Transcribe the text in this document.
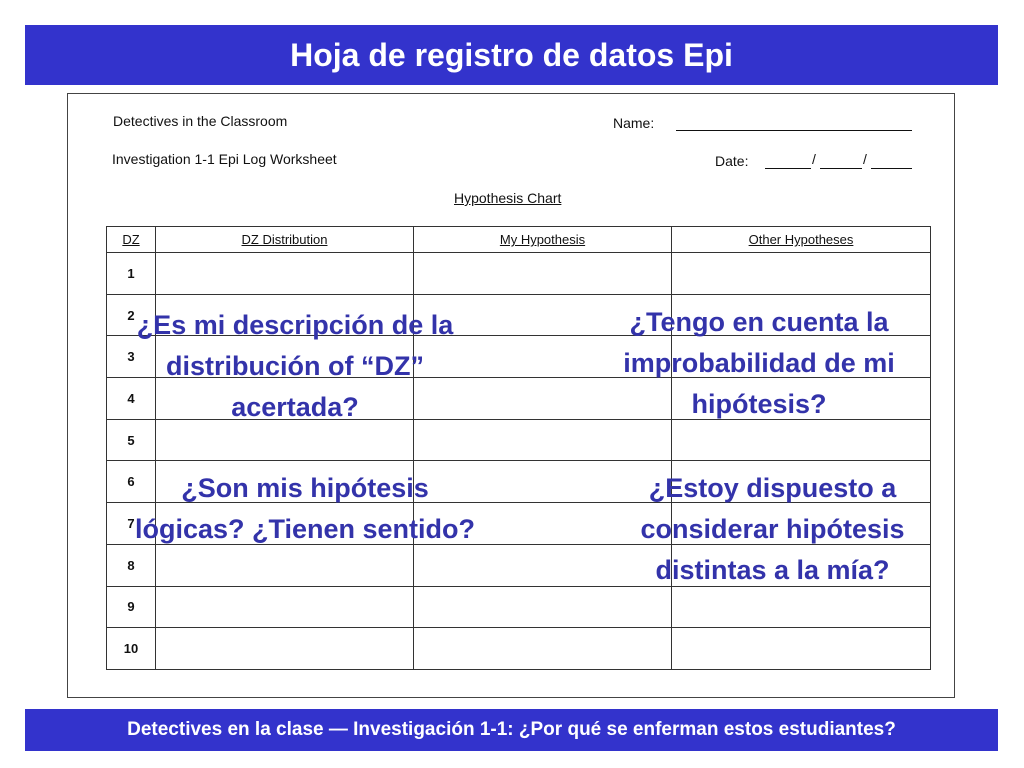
Hoja de registro de datos Epi
Detectives in the Classroom
Investigation 1-1 Epi Log Worksheet
Name:
Date:	/	/
Hypothesis Chart
DZ	DZ Distribution	My Hypothesis	Other Hypotheses
1			
2			
3			
4			
5			
6			
7			
8			
9			
10			
¿Es mi descripción de la
distribución of “DZ”
acertada?
¿Tengo en cuenta la
improbabilidad de mi
hipótesis?
¿Son mis hipótesis
lógicas? ¿Tienen sentido?
¿Estoy dispuesto a
considerar hipótesis
distintas a la mía?
Detectives en la clase — Investigación 1-1: ¿Por qué se enferman estos estudiantes?
